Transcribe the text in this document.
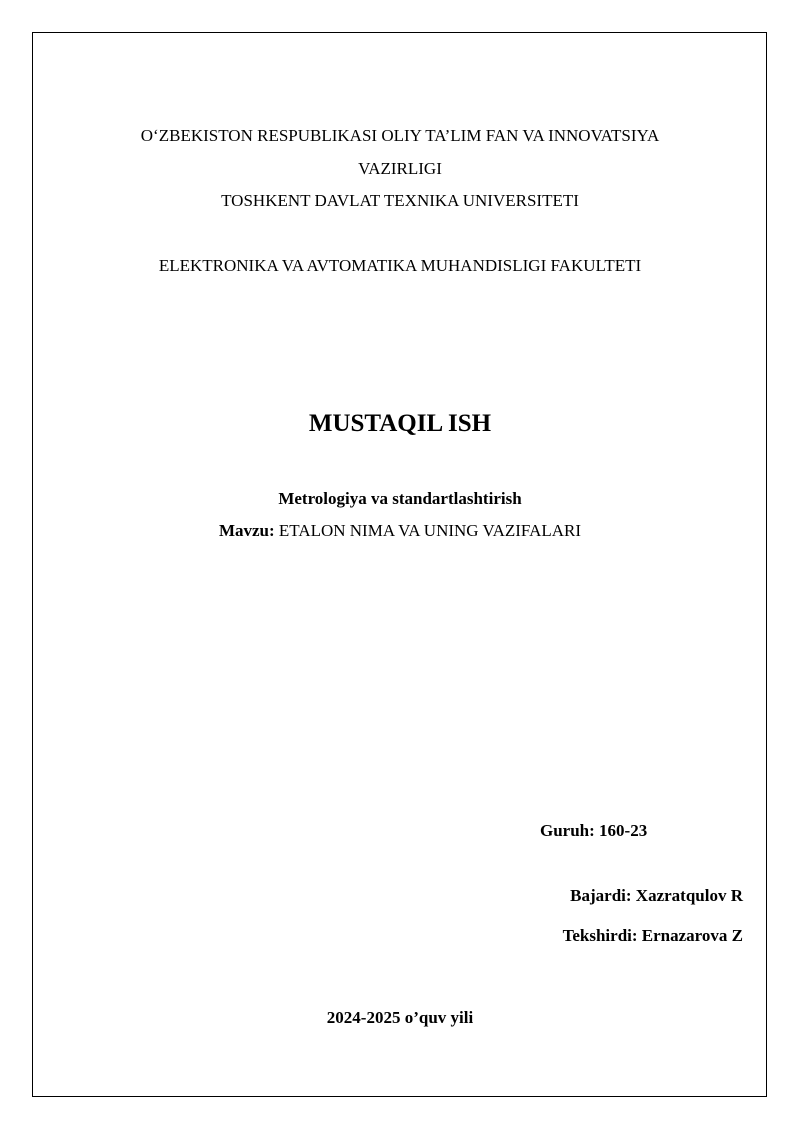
O‘ZBEKISTON RESPUBLIKASI OLIY TA’LIM FAN VA INNOVATSIYA
VAZIRLIGI
TOSHKENT DAVLAT TEXNIKA UNIVERSITETI
ELEKTRONIKA VA AVTOMATIKA MUHANDISLIGI FAKULTETI
MUSTAQIL ISH
Metrologiya va standartlashtirish
Mavzu: ETALON NIMA VA UNING VAZIFALARI
Guruh: 160-23
Bajardi: Xazratqulov R
Tekshirdi: Ernazarova Z
2024-2025 o’quv yili
